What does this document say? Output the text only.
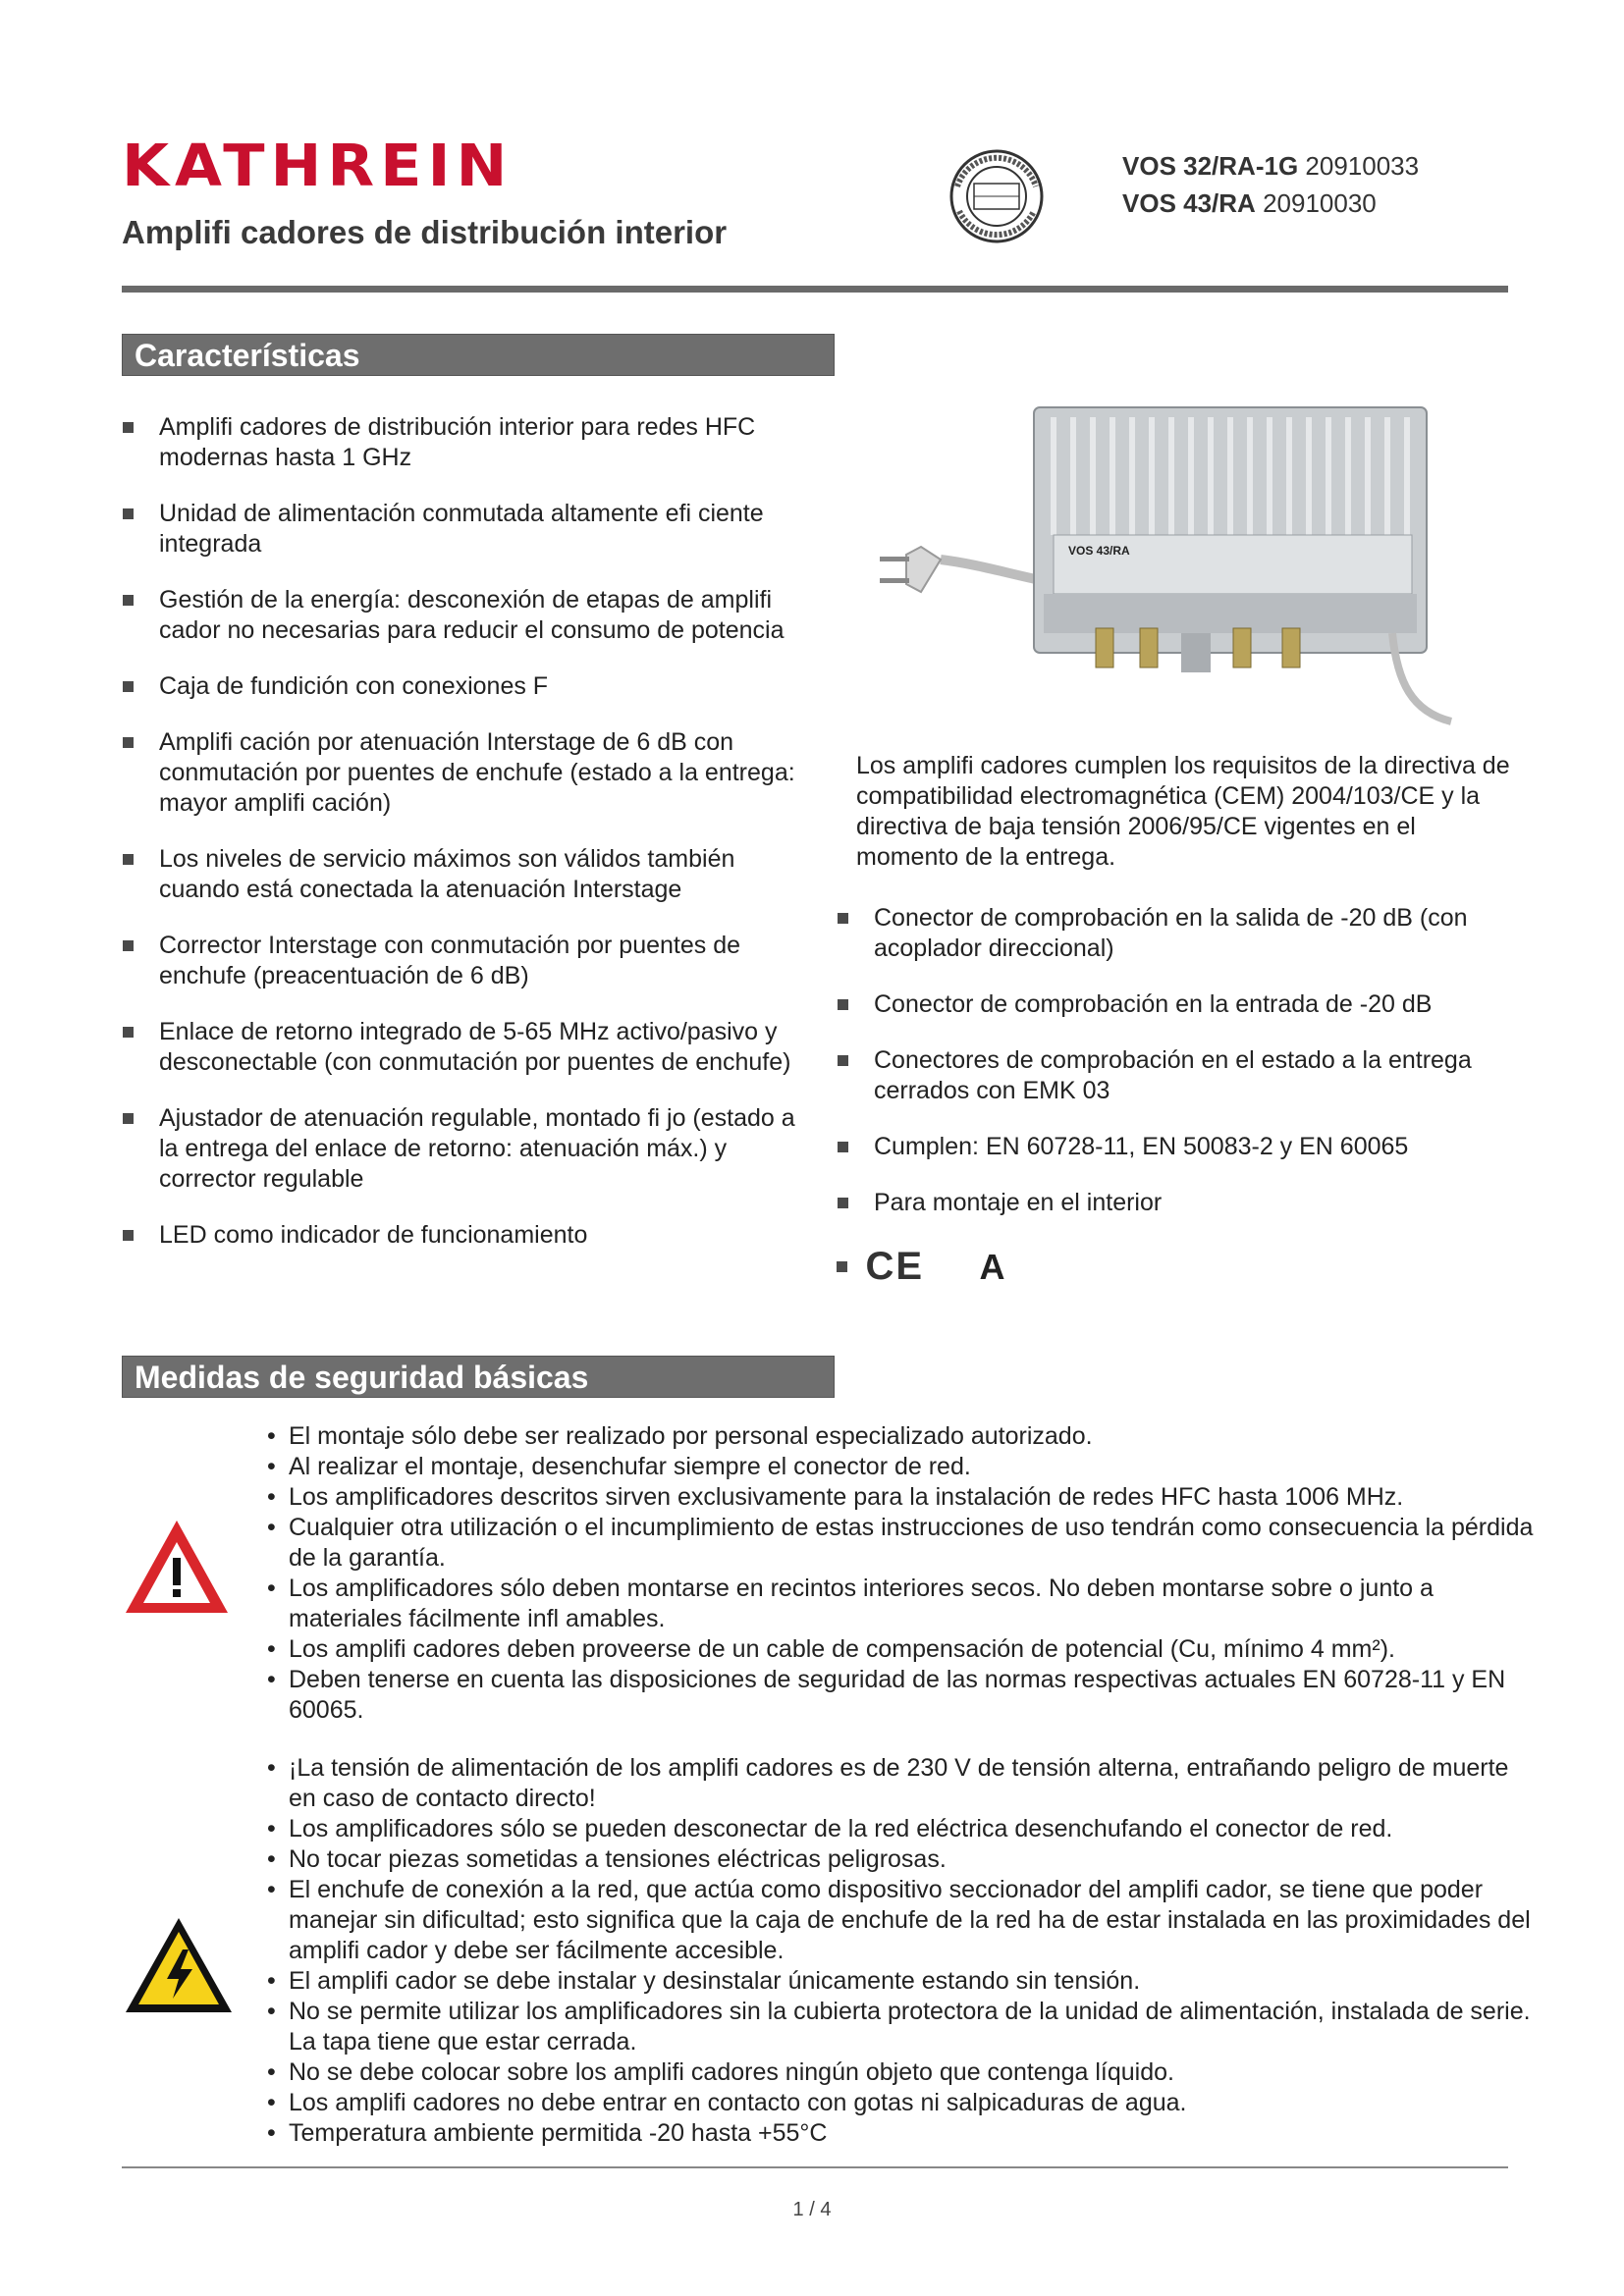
KATHREIN
Amplifi cadores de distribución interior
VOS 32/RA-1G 20910033
VOS 43/RA 20910030
Características
Amplifi cadores de distribución interior para redes HFC modernas hasta 1 GHz
Unidad de alimentación conmutada altamente efi ciente integrada
Gestión de la energía: desconexión de etapas de amplifi cador no necesarias para reducir el consumo de potencia
Caja de fundición con conexiones F
Amplifi cación por atenuación Interstage de 6 dB con conmutación por puentes de enchufe (estado a la entrega: mayor amplifi cación)
Los niveles de servicio máximos son válidos también cuando está conectada la atenuación Interstage
Corrector Interstage con conmutación por puentes de enchufe (preacentuación de 6 dB)
Enlace de retorno integrado de 5-65 MHz activo/pasivo y desconectable (con conmutación por puentes de enchufe)
Ajustador de atenuación regulable, montado fi jo (estado a la entrega del enlace de retorno: atenuación máx.) y corrector regulable
LED como indicador de funcionamiento
VOS 43/RA
Los amplifi cadores cumplen los requisitos de la directiva de compatibilidad electromagnética (CEM) 2004/103/CE y la directiva de baja tensión 2006/95/CE vigentes en el momento de la entrega.
Conector de comprobación en la salida de -20 dB (con acoplador direccional)
Conector de comprobación en la entrada de -20 dB
Conectores de comprobación en el estado a la entrega cerrados con EMK 03
Cumplen: EN 60728-11, EN 50083-2 y EN 60065
Para montaje en el interior
CE A
Medidas de seguridad básicas
• El montaje sólo debe ser realizado por personal especializado autorizado.
• Al realizar el montaje, desenchufar siempre el conector de red.
• Los amplificadores descritos sirven exclusivamente para la instalación de redes HFC hasta 1006 MHz.
• Cualquier otra utilización o el incumplimiento de estas instrucciones de uso tendrán como consecuencia la pérdida de la garantía.
• Los amplificadores sólo deben montarse en recintos interiores secos. No deben montarse sobre o junto a materiales fácilmente infl amables.
• Los amplifi cadores deben proveerse de un cable de compensación de potencial (Cu, mínimo 4 mm²).
• Deben tenerse en cuenta las disposiciones de seguridad de las normas respectivas actuales EN 60728-11 y EN 60065.
• ¡La tensión de alimentación de los amplifi cadores es de 230 V de tensión alterna, entrañando peligro de muerte en caso de contacto directo!
• Los amplificadores sólo se pueden desconectar de la red eléctrica desenchufando el conector de red.
• No tocar piezas sometidas a tensiones eléctricas peligrosas.
• El enchufe de conexión a la red, que actúa como dispositivo seccionador del amplifi cador, se tiene que poder manejar sin dificultad; esto significa que la caja de enchufe de la red ha de estar instalada en las proximidades del amplifi cador y debe ser fácilmente accesible.
• El amplifi cador se debe instalar y desinstalar únicamente estando sin tensión.
• No se permite utilizar los amplificadores sin la cubierta protectora de la unidad de alimentación, instalada de serie. La tapa tiene que estar cerrada.
• No se debe colocar sobre los amplifi cadores ningún objeto que contenga líquido.
• Los amplifi cadores no debe entrar en contacto con gotas ni salpicaduras de agua.
• Temperatura ambiente permitida -20 hasta +55°C
1 / 4
